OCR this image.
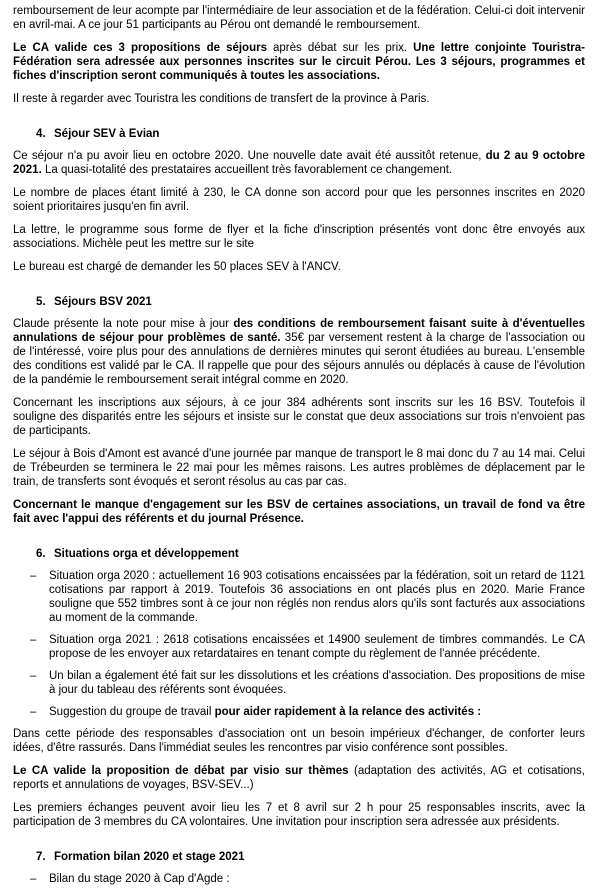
remboursement de leur acompte par l'intermédiaire de leur association et de la fédération. Celui-ci doit intervenir en avril-mai. A ce jour 51 participants au Pérou ont demandé le remboursement.

Le CA valide ces 3 propositions de séjours après débat sur les prix. Une lettre conjointe Touristra-Fédération sera adressée aux personnes inscrites sur le circuit Pérou. Les 3 séjours, programmes et fiches d'inscription seront communiqués à toutes les associations.

Il reste à regarder avec Touristra les conditions de transfert de la province à Paris.

4. Séjour SEV à Evian

Ce séjour n'a pu avoir lieu en octobre 2020. Une nouvelle date avait été aussitôt retenue, du 2 au 9 octobre 2021. La quasi-totalité des prestataires accueillent très favorablement ce changement.

Le nombre de places étant limité à 230, le CA donne son accord pour que les personnes inscrites en 2020 soient prioritaires jusqu'en fin avril.

La lettre, le programme sous forme de flyer et la fiche d'inscription présentés vont donc être envoyés aux associations. Michèle peut les mettre sur le site

Le bureau est chargé de demander les 50 places SEV à l'ANCV.

5. Séjours BSV 2021

Claude présente la note pour mise à jour des conditions de remboursement faisant suite à d'éventuelles annulations de séjour pour problèmes de santé. 35€ par versement restent à la charge de l'association ou de l'intéressé, voire plus pour des annulations de dernières minutes qui seront étudiées au bureau. L'ensemble des conditions est validé par le CA. Il rappelle que pour des séjours annulés ou déplacés à cause de l'évolution de la pandémie le remboursement serait intégral comme en 2020.

Concernant les inscriptions aux séjours, à ce jour 384 adhérents sont inscrits sur les 16 BSV. Toutefois il souligne des disparités entre les séjours et insiste sur le constat que deux associations sur trois n'envoient pas de participants.

Le séjour à Bois d'Amont est avancé d'une journée par manque de transport le 8 mai donc du 7 au 14 mai. Celui de Trébeurden se terminera le 22 mai pour les mêmes raisons. Les autres problèmes de déplacement par le train, de transferts sont évoqués et seront résolus au cas par cas.

Concernant le manque d'engagement sur les BSV de certaines associations, un travail de fond va être fait avec l'appui des référents et du journal Présence.

6. Situations orga et développement
– Situation orga 2020 : actuellement 16 903 cotisations encaissées par la fédération, soit un retard de 1121 cotisations par rapport à 2019. Toutefois 36 associations en ont placés plus en 2020. Marie France souligne que 552 timbres sont à ce jour non réglés non rendus alors qu'ils sont facturés aux associations au moment de la commande.
– Situation orga 2021 : 2618 cotisations encaissées et 14900 seulement de timbres commandés. Le CA propose de les envoyer aux retardataires en tenant compte du règlement de l'année précédente.
– Un bilan a également été fait sur les dissolutions et les créations d'association. Des propositions de mise à jour du tableau des référents sont évoquées.
– Suggestion du groupe de travail pour aider rapidement à la relance des activités :

Dans cette période des responsables d'association ont un besoin impérieux d'échanger, de conforter leurs idées, d'être rassurés. Dans l'immédiat seules les rencontres par visio conférence sont possibles.

Le CA valide la proposition de débat par visio sur thèmes (adaptation des activités, AG et cotisations, reports et annulations de voyages, BSV-SEV...)

Les premiers échanges peuvent avoir lieu les 7 et 8 avril sur 2 h pour 25 responsables inscrits, avec la participation de 3 membres du CA volontaires. Une invitation pour inscription sera adressée aux présidents.

7. Formation bilan 2020 et stage 2021
– Bilan du stage 2020 à Cap d'Agde :
